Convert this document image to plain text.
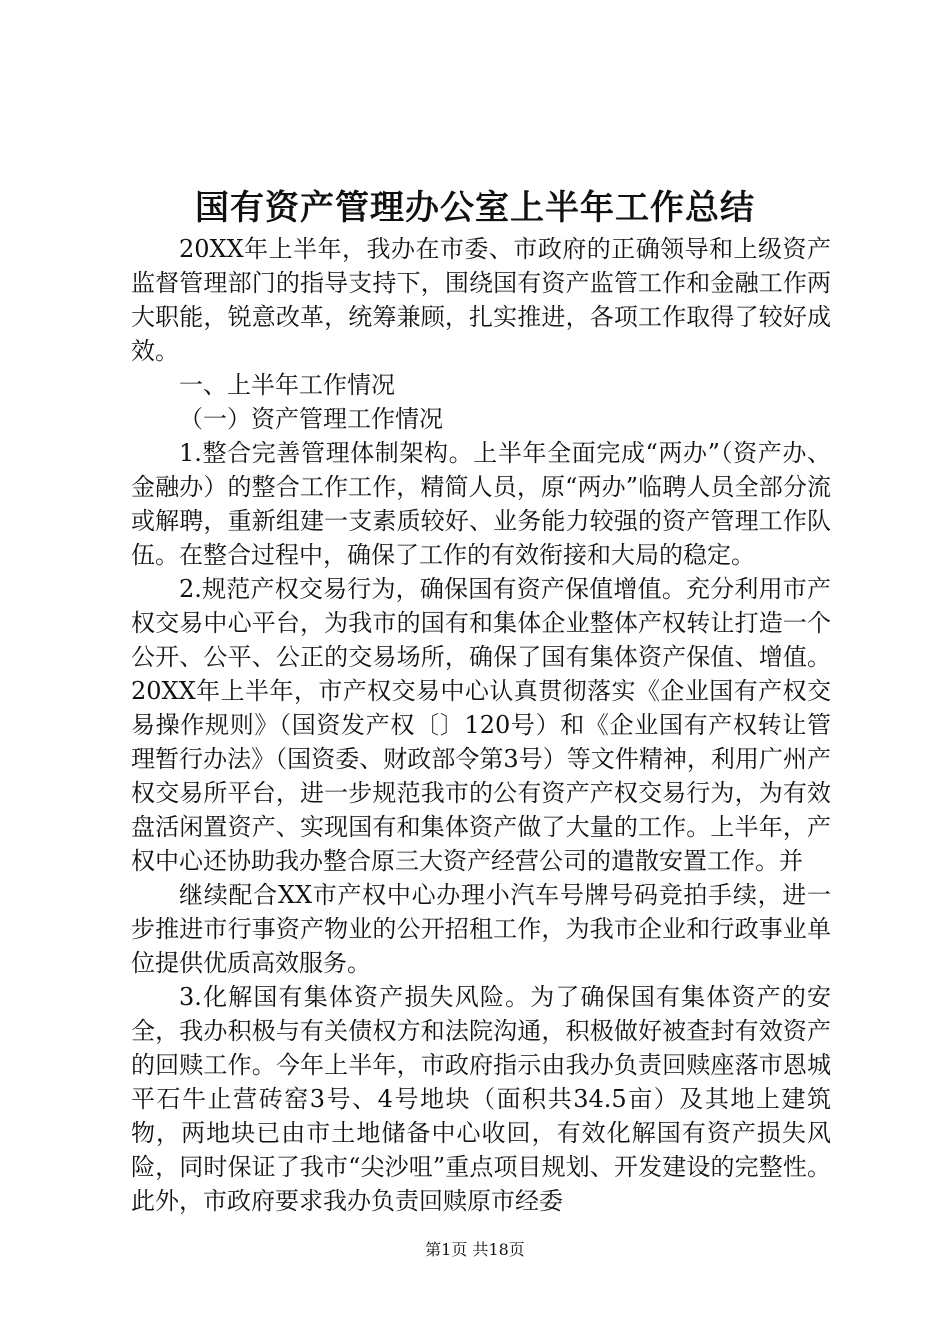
国有资产管理办公室上半年工作总结

20XX年上半年，我办在市委、市政府的正确领导和上级资产监督管理部门的指导支持下，围绕国有资产监管工作和金融工作两大职能，锐意改革，统筹兼顾，扎实推进，各项工作取得了较好成效。

一、上半年工作情况

（一）资产管理工作情况

1.整合完善管理体制架构。上半年全面完成“两办”（资产办、金融办）的整合工作工作，精简人员，原“两办”临聘人员全部分流或解聘，重新组建一支素质较好、业务能力较强的资产管理工作队伍。在整合过程中，确保了工作的有效衔接和大局的稳定。

2.规范产权交易行为，确保国有资产保值增值。充分利用市产权交易中心平台，为我市的国有和集体企业整体产权转让打造一个公开、公平、公正的交易场所，确保了国有集体资产保值、增值。20XX年上半年，市产权交易中心认真贯彻落实《企业国有产权交易操作规则》（国资发产权〔〕120号）和《企业国有产权转让管理暂行办法》（国资委、财政部令第3号）等文件精神，利用广州产权交易所平台，进一步规范我市的公有资产产权交易行为，为有效盘活闲置资产、实现国有和集体资产做了大量的工作。上半年，产权中心还协助我办整合原三大资产经营公司的遣散安置工作。并

继续配合XX市产权中心办理小汽车号牌号码竞拍手续，进一步推进市行事资产物业的公开招租工作，为我市企业和行政事业单位提供优质高效服务。

3.化解国有集体资产损失风险。为了确保国有集体资产的安全，我办积极与有关债权方和法院沟通，积极做好被查封有效资产的回赎工作。今年上半年，市政府指示由我办负责回赎座落市恩城平石牛止营砖窑3号、4号地块（面积共34.5亩）及其地上建筑物，两地块已由市土地储备中心收回，有效化解国有资产损失风险，同时保证了我市“尖沙咀”重点项目规划、开发建设的完整性。此外，市政府要求我办负责回赎原市经委

第1页 共18页
